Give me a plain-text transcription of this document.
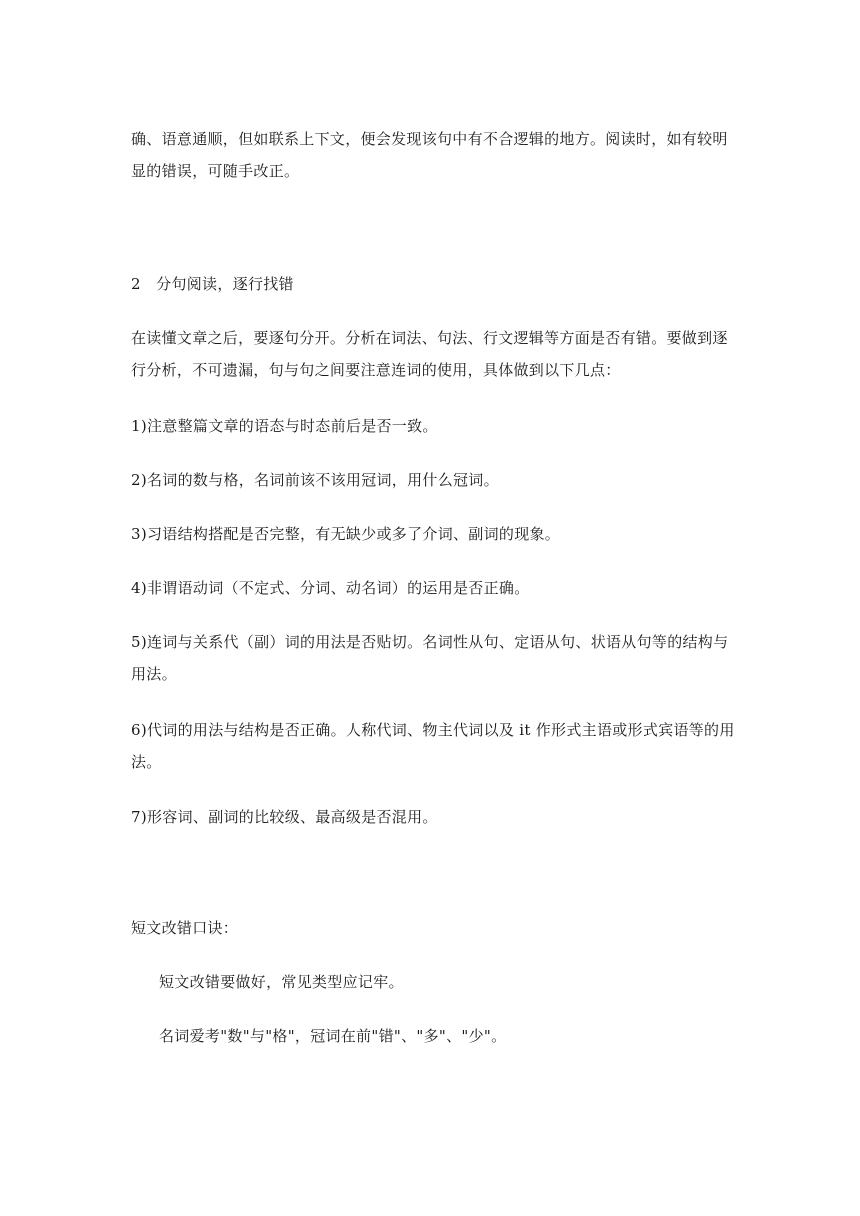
确、语意通顺，但如联系上下文，便会发现该句中有不合逻辑的地方。阅读时，如有较明显的错误，可随手改正。

2　分句阅读，逐行找错

在读懂文章之后，要逐句分开。分析在词法、句法、行文逻辑等方面是否有错。要做到逐行分析，不可遗漏，句与句之间要注意连词的使用，具体做到以下几点：

1)注意整篇文章的语态与时态前后是否一致。

2)名词的数与格，名词前该不该用冠词，用什么冠词。

3)习语结构搭配是否完整，有无缺少或多了介词、副词的现象。

4)非谓语动词（不定式、分词、动名词）的运用是否正确。

5)连词与关系代（副）词的用法是否贴切。名词性从句、定语从句、状语从句等的结构与用法。

6)代词的用法与结构是否正确。人称代词、物主代词以及 it 作形式主语或形式宾语等的用法。

7)形容词、副词的比较级、最高级是否混用。

短文改错口诀：

短文改错要做好，常见类型应记牢。

名词爱考"数"与"格"，冠词在前"错"、"多"、"少"。
